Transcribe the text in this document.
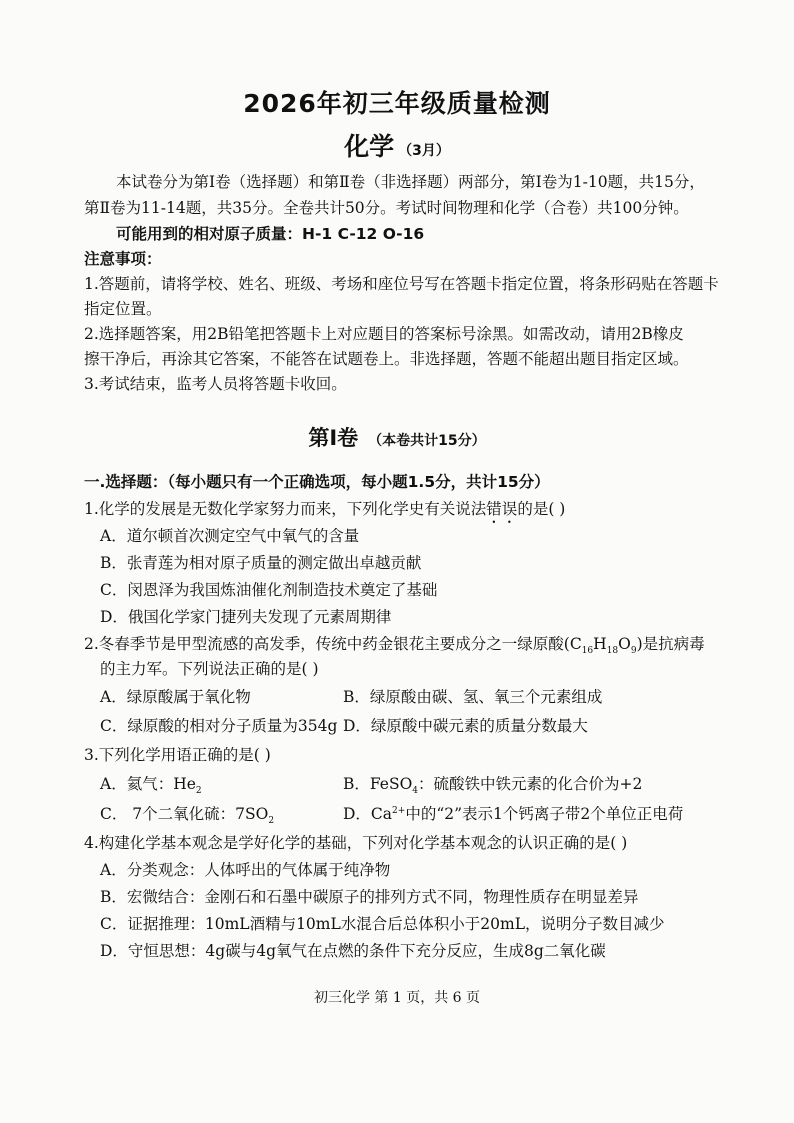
2026年初三年级质量检测
化学 （3月）
本试卷分为第Ⅰ卷（选择题）和第Ⅱ卷（非选择题）两部分，第Ⅰ卷为1-10题，共15分，
第Ⅱ卷为11-14题，共35分。全卷共计50分。考试时间物理和化学（合卷）共100分钟。
可能用到的相对原子质量：H-1 C-12 O-16
注意事项：
1.答题前，请将学校、姓名、班级、考场和座位号写在答题卡指定位置，将条形码贴在答题卡
指定位置。
2.选择题答案，用2B铅笔把答题卡上对应题目的答案标号涂黑。如需改动，请用2B橡皮
擦干净后，再涂其它答案，不能答在试题卷上。非选择题，答题不能超出题目指定区域。
3.考试结束，监考人员将答题卡收回。
第Ⅰ卷 （本卷共计15分）
一.选择题：（每小题只有一个正确选项，每小题1.5分，共计15分）
1.化学的发展是无数化学家努力而来，下列化学史有关说法错误的是( )
A．道尔顿首次测定空气中氧气的含量
B．张青莲为相对原子质量的测定做出卓越贡献
C．闵恩泽为我国炼油催化剂制造技术奠定了基础
D．俄国化学家门捷列夫发现了元素周期律
2.冬春季节是甲型流感的高发季，传统中药金银花主要成分之一绿原酸$(C_{16}H_{18}O_9)$是抗病毒
的主力军。下列说法正确的是( )
A．绿原酸属于氧化物	B．绿原酸由碳、氢、氧三个元素组成
C．绿原酸的相对分子质量为354g D．绿原酸中碳元素的质量分数最大
3.下列化学用语正确的是( )
A．氦气：$He_2$	B．FeSO$_4$：硫酸铁中铁元素的化合价为+2
C． 7个二氧化硫：$7SO_2$	D．$Ca^{2+}$中的“2”表示1个钙离子带2个单位正电荷
4.构建化学基本观念是学好化学的基础，下列对化学基本观念的认识正确的是( )
A．分类观念：人体呼出的气体属于纯净物
B．宏微结合：金刚石和石墨中碳原子的排列方式不同，物理性质存在明显差异
C．证据推理：10mL酒精与10mL水混合后总体积小于20mL，说明分子数目减少
D．守恒思想：4g碳与4g氧气在点燃的条件下充分反应，生成8g二氧化碳
初三化学 第 1 页，共 6 页
